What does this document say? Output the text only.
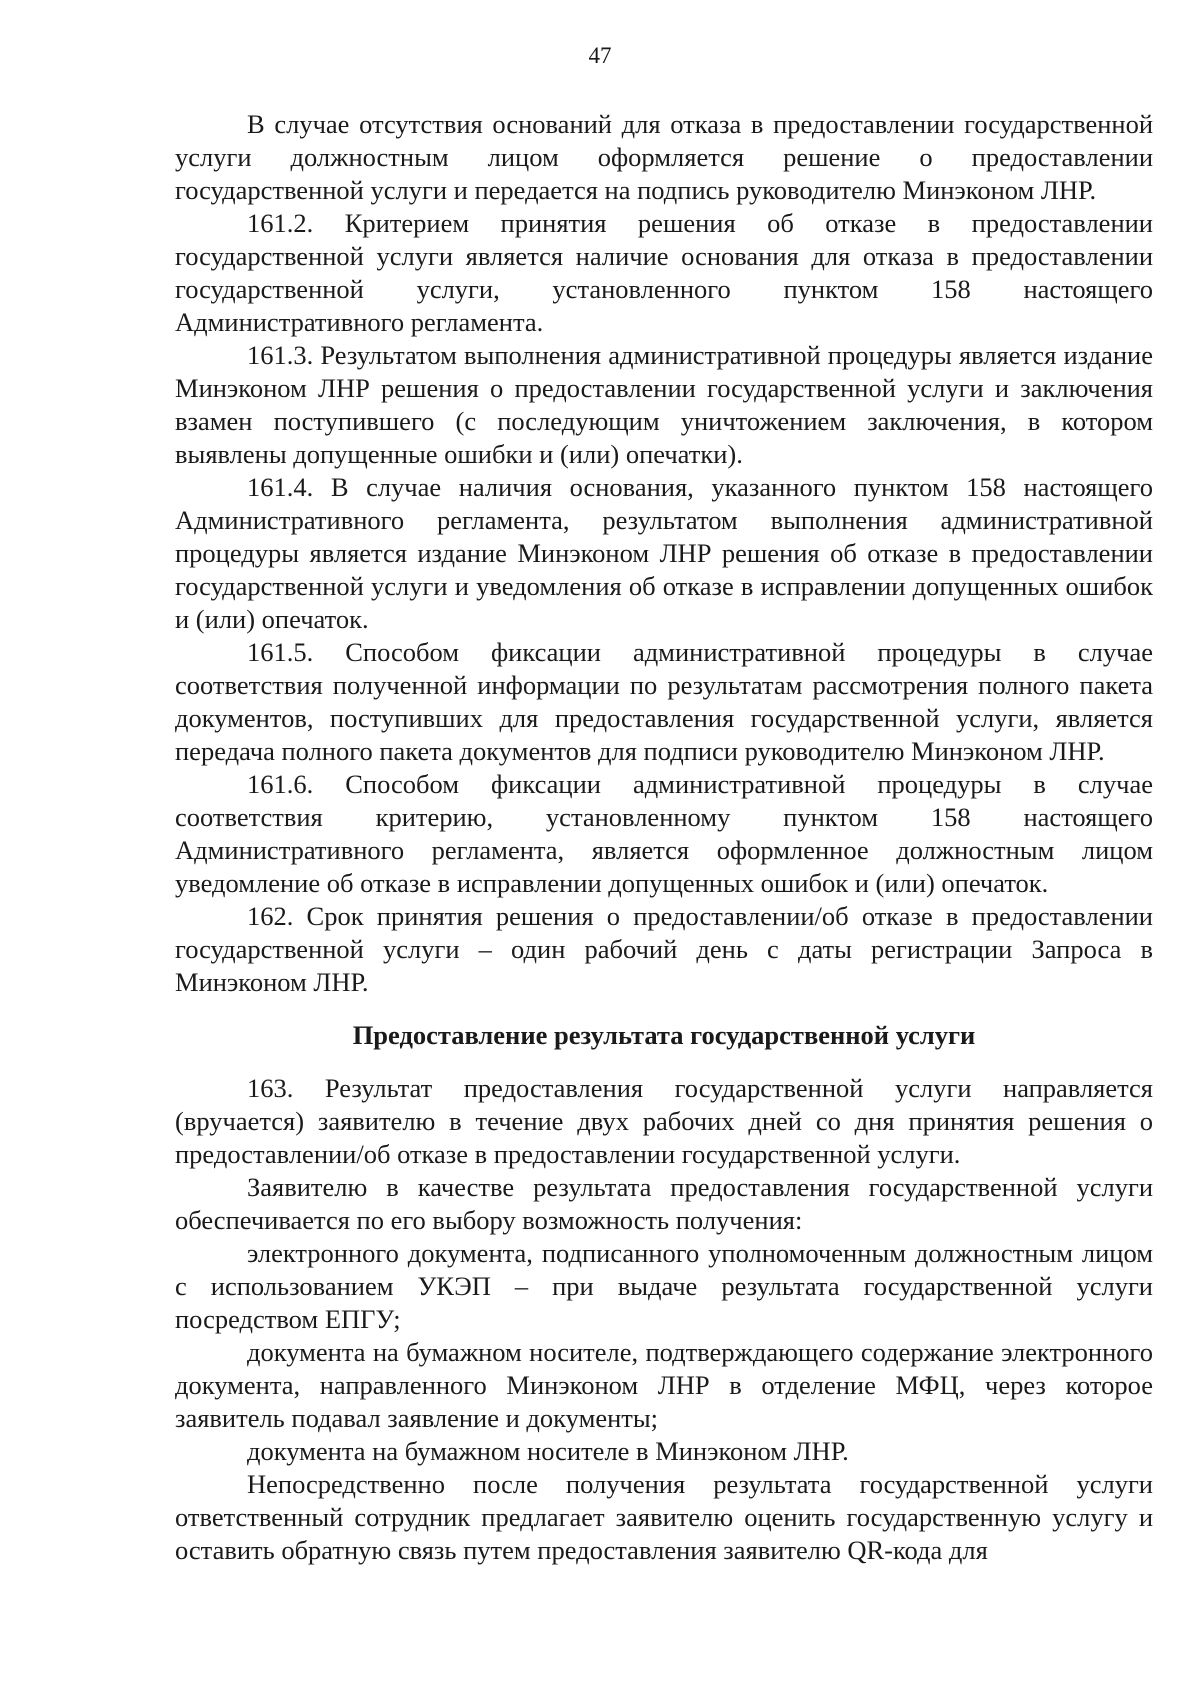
47

В случае отсутствия оснований для отказа в предоставлении государственной услуги должностным лицом оформляется решение о предоставлении государственной услуги и передается на подпись руководителю Минэконом ЛНР.

161.2. Критерием принятия решения об отказе в предоставлении государственной услуги является наличие основания для отказа в предоставлении государственной услуги, установленного пунктом 158 настоящего Административного регламента.

161.3. Результатом выполнения административной процедуры является издание Минэконом ЛНР решения о предоставлении государственной услуги и заключения взамен поступившего (с последующим уничтожением заключения, в котором выявлены допущенные ошибки и (или) опечатки).

161.4. В случае наличия основания, указанного пунктом 158 настоящего Административного регламента, результатом выполнения административной процедуры является издание Минэконом ЛНР решения об отказе в предоставлении государственной услуги и уведомления об отказе в исправлении допущенных ошибок и (или) опечаток.

161.5. Способом фиксации административной процедуры в случае соответствия полученной информации по результатам рассмотрения полного пакета документов, поступивших для предоставления государственной услуги, является передача полного пакета документов для подписи руководителю Минэконом ЛНР.

161.6. Способом фиксации административной процедуры в случае соответствия критерию, установленному пунктом 158 настоящего Административного регламента, является оформленное должностным лицом уведомление об отказе в исправлении допущенных ошибок и (или) опечаток.

162. Срок принятия решения о предоставлении/об отказе в предоставлении государственной услуги – один рабочий день с даты регистрации Запроса в Минэконом ЛНР.

Предоставление результата государственной услуги

163. Результат предоставления государственной услуги направляется (вручается) заявителю в течение двух рабочих дней со дня принятия решения о предоставлении/об отказе в предоставлении государственной услуги.

Заявителю в качестве результата предоставления государственной услуги обеспечивается по его выбору возможность получения:

электронного документа, подписанного уполномоченным должностным лицом с использованием УКЭП – при выдаче результата государственной услуги посредством ЕПГУ;

документа на бумажном носителе, подтверждающего содержание электронного документа, направленного Минэконом ЛНР в отделение МФЦ, через которое заявитель подавал заявление и документы;

документа на бумажном носителе в Минэконом ЛНР.

Непосредственно после получения результата государственной услуги ответственный сотрудник предлагает заявителю оценить государственную услугу и оставить обратную связь путем предоставления заявителю QR-кода для
